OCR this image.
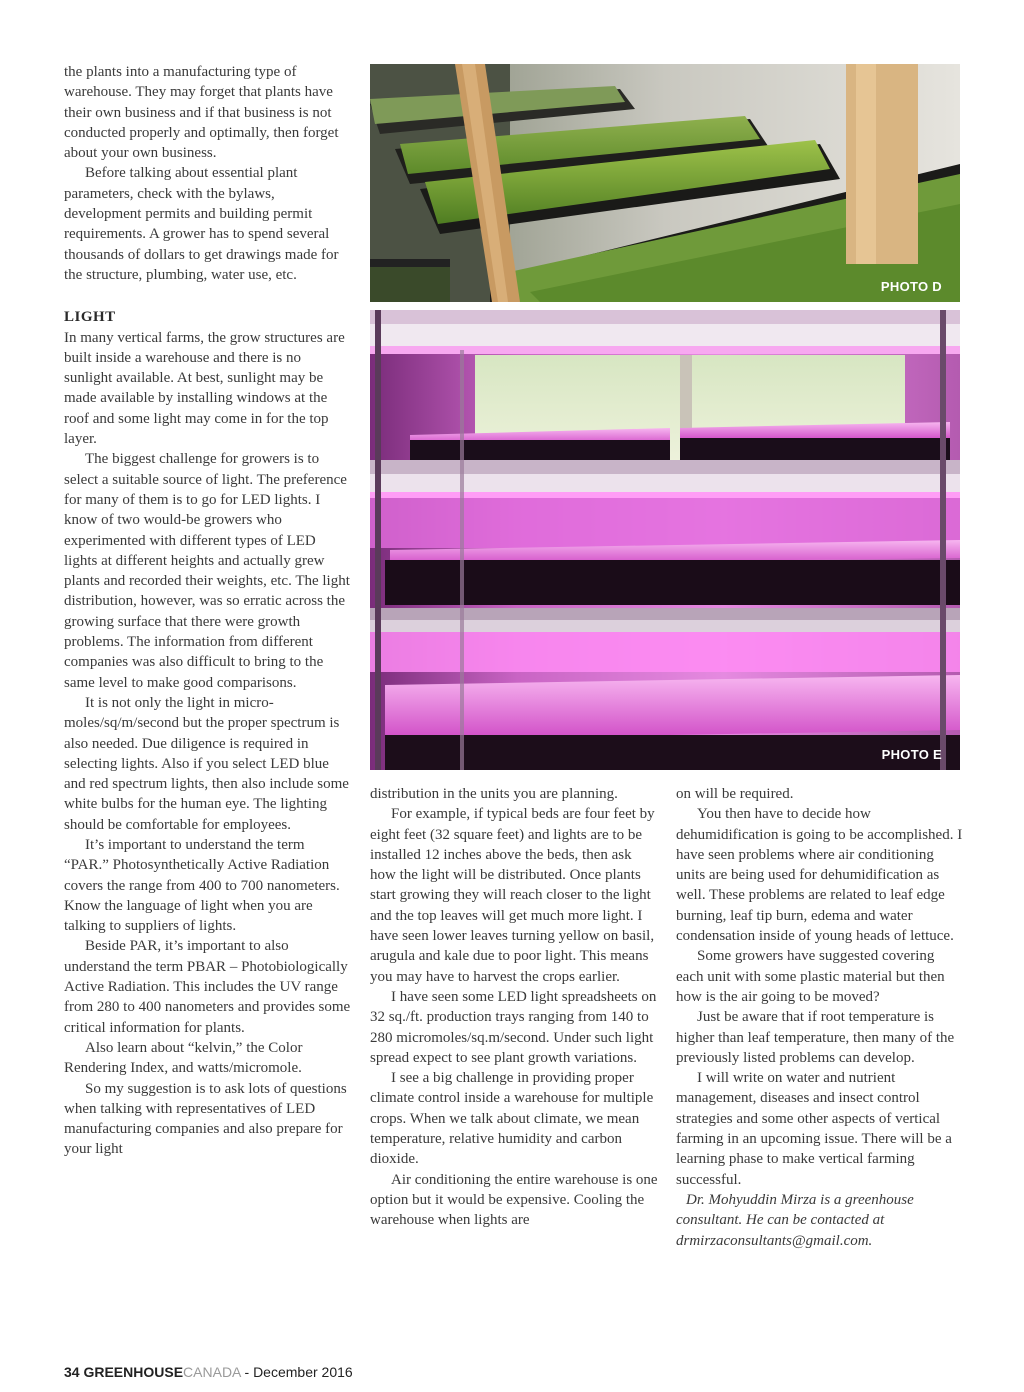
the plants into a manufacturing type of warehouse. They may forget that plants have their own business and if that business is not conducted properly and optimally, then forget about your own business.

Before talking about essential plant parameters, check with the bylaws, development permits and building permit requirements. A grower has to spend several thousands of dollars to get drawings made for the structure, plumbing, water use, etc.

LIGHT

In many vertical farms, the grow structures are built inside a warehouse and there is no sunlight available. At best, sunlight may be made available by installing windows at the roof and some light may come in for the top layer.

The biggest challenge for growers is to select a suitable source of light. The preference for many of them is to go for LED lights. I know of two would-be growers who experimented with different types of LED lights at different heights and actually grew plants and recorded their weights, etc. The light distribution, however, was so erratic across the growing surface that there were growth problems. The information from different companies was also difficult to bring to the same level to make good comparisons.

It is not only the light in micro-moles/sq/m/second but the proper spectrum is also needed. Due diligence is required in selecting lights. Also if you select LED blue and red spectrum lights, then also include some white bulbs for the human eye. The lighting should be comfortable for employees.

It’s important to understand the term “PAR.” Photosynthetically Active Radiation covers the range from 400 to 700 nanometers. Know the language of light when you are talking to suppliers of lights.

Beside PAR, it’s important to also understand the term PBAR – Photobiologically Active Radiation. This includes the UV range from 280 to 400 nanometers and provides some critical information for plants.

Also learn about “kelvin,” the Color Rendering Index, and watts/micromole.

So my suggestion is to ask lots of questions when talking with representatives of LED manufacturing companies and also prepare for your light

PHOTO D
PHOTO E

distribution in the units you are planning.

For example, if typical beds are four feet by eight feet (32 square feet) and lights are to be installed 12 inches above the beds, then ask how the light will be distributed. Once plants start growing they will reach closer to the light and the top leaves will get much more light. I have seen lower leaves turning yellow on basil, arugula and kale due to poor light. This means you may have to harvest the crops earlier.

I have seen some LED light spreadsheets on 32 sq./ft. production trays ranging from 140 to 280 micromoles/sq.m/second. Under such light spread expect to see plant growth variations.

I see a big challenge in providing proper climate control inside a warehouse for multiple crops. When we talk about climate, we mean temperature, relative humidity and carbon dioxide.

Air conditioning the entire warehouse is one option but it would be expensive. Cooling the warehouse when lights are

on will be required.

You then have to decide how dehumidification is going to be accomplished. I have seen problems where air conditioning units are being used for dehumidification as well. These problems are related to leaf edge burning, leaf tip burn, edema and water condensation inside of young heads of lettuce.

Some growers have suggested covering each unit with some plastic material but then how is the air going to be moved?

Just be aware that if root temperature is higher than leaf temperature, then many of the previously listed problems can develop.

I will write on water and nutrient management, diseases and insect control strategies and some other aspects of vertical farming in an upcoming issue. There will be a learning phase to make vertical farming successful.

Dr. Mohyuddin Mirza is a greenhouse consultant. He can be contacted at

drmirzaconsultants@gmail.com.

34 GREENHOUSECANADA - December 2016
